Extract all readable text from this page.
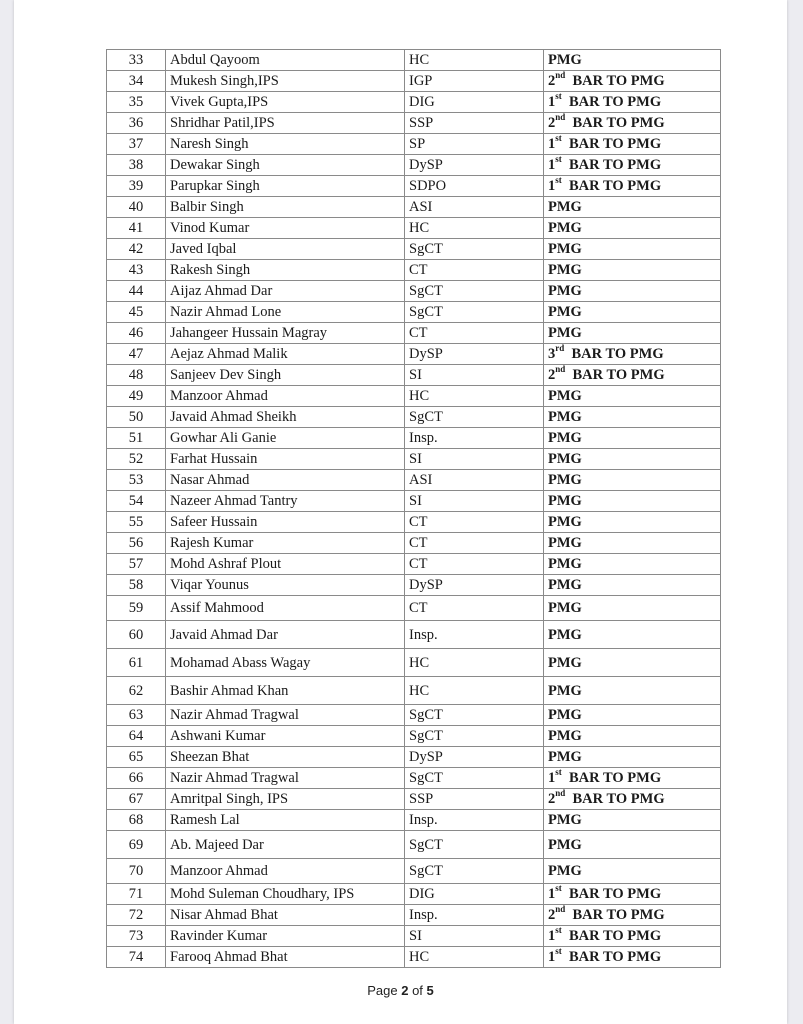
33	Abdul Qayoom	HC	PMG
34	Mukesh Singh,IPS	IGP	2nd BAR TO PMG
35	Vivek Gupta,IPS	DIG	1st BAR TO PMG
36	Shridhar Patil,IPS	SSP	2nd BAR TO PMG
37	Naresh Singh	SP	1st BAR TO PMG
38	Dewakar Singh	DySP	1st BAR TO PMG
39	Parupkar Singh	SDPO	1st BAR TO PMG
40	Balbir Singh	ASI	PMG
41	Vinod Kumar	HC	PMG
42	Javed Iqbal	SgCT	PMG
43	Rakesh Singh	CT	PMG
44	Aijaz Ahmad Dar	SgCT	PMG
45	Nazir Ahmad Lone	SgCT	PMG
46	Jahangeer Hussain Magray	CT	PMG
47	Aejaz Ahmad Malik	DySP	3rd BAR TO PMG
48	Sanjeev Dev Singh	SI	2nd BAR TO PMG
49	Manzoor Ahmad	HC	PMG
50	Javaid Ahmad Sheikh	SgCT	PMG
51	Gowhar Ali Ganie	Insp.	PMG
52	Farhat Hussain	SI	PMG
53	Nasar Ahmad	ASI	PMG
54	Nazeer Ahmad Tantry	SI	PMG
55	Safeer Hussain	CT	PMG
56	Rajesh Kumar	CT	PMG
57	Mohd Ashraf Plout	CT	PMG
58	Viqar Younus	DySP	PMG
59	Assif Mahmood	CT	PMG
60	Javaid Ahmad Dar	Insp.	PMG
61	Mohamad Abass Wagay	HC	PMG
62	Bashir Ahmad Khan	HC	PMG
63	Nazir Ahmad Tragwal	SgCT	PMG
64	Ashwani Kumar	SgCT	PMG
65	Sheezan Bhat	DySP	PMG
66	Nazir Ahmad Tragwal	SgCT	1st BAR TO PMG
67	Amritpal Singh, IPS	SSP	2nd BAR TO PMG
68	Ramesh Lal	Insp.	PMG
69	Ab. Majeed Dar	SgCT	PMG
70	Manzoor Ahmad	SgCT	PMG
71	Mohd Suleman Choudhary, IPS	DIG	1st BAR TO PMG
72	Nisar Ahmad Bhat	Insp.	2nd BAR TO PMG
73	Ravinder Kumar	SI	1st BAR TO PMG
74	Farooq Ahmad Bhat	HC	1st BAR TO PMG
Page 2 of 5
